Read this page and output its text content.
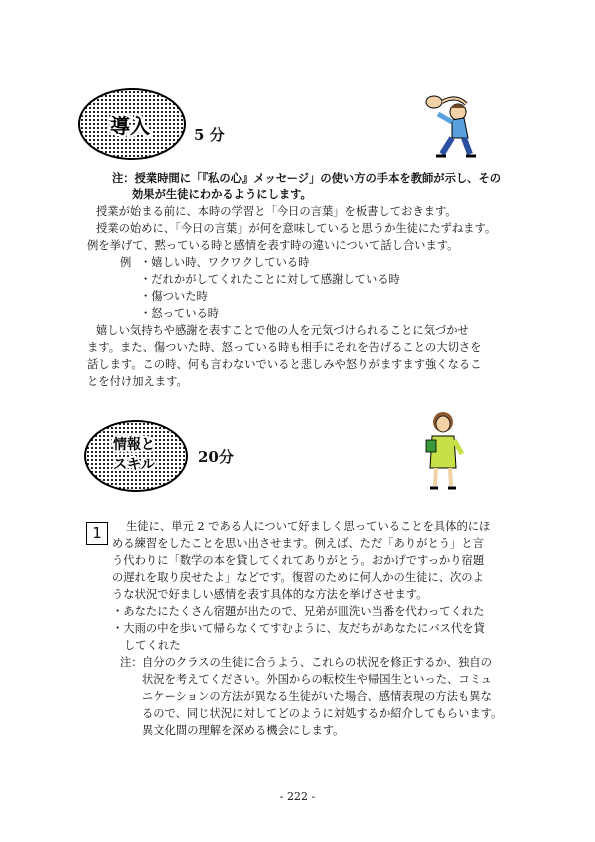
導入	5 分
注：授業時間に「『私の心』メッセージ」の使い方の手本を教師が示し、その
効果が生徒にわかるようにします。
授業が始まる前に、本時の学習と「今日の言葉」を板書しておきます。
授業の始めに、「今日の言葉」が何を意味していると思うか生徒にたずねます。
例を挙げて、黙っている時と感情を表す時の違いについて話し合います。
例 ・嬉しい時、ワクワクしている時
・だれかがしてくれたことに対して感謝している時
・傷ついた時
・怒っている時
嬉しい気持ちや感謝を表すことで他の人を元気づけられることに気づかせ
ます。また、傷ついた時、怒っている時も相手にそれを告げることの大切さを
話します。この時、何も言わないでいると悲しみや怒りがますます強くなるこ
とを付け加えます。
情報と
スキル	20分
1	生徒に、単元 2 である人について好ましく思っていることを具体的にほ
める練習をしたことを思い出させます。例えば、ただ「ありがとう」と言
う代わりに「数学の本を貸してくれてありがとう。おかげですっかり宿題
の遅れを取り戻せたよ」などです。復習のために何人かの生徒に、次のよ
うな状況で好ましい感情を表す具体的な方法を挙げさせます。
・あなたにたくさん宿題が出たので、兄弟が皿洗い当番を代わってくれた
・大雨の中を歩いて帰らなくてすむように、友だちがあなたにバス代を貸
してくれた
注： 自分のクラスの生徒に合うよう、これらの状況を修正するか、独自の
状況を考えてください。外国からの転校生や帰国生といった、コミュ
ニケーションの方法が異なる生徒がいた場合、感情表現の方法も異な
るので、同じ状況に対してどのように対処するか紹介してもらいます。
異文化間の理解を深める機会にします。
- 222 -
